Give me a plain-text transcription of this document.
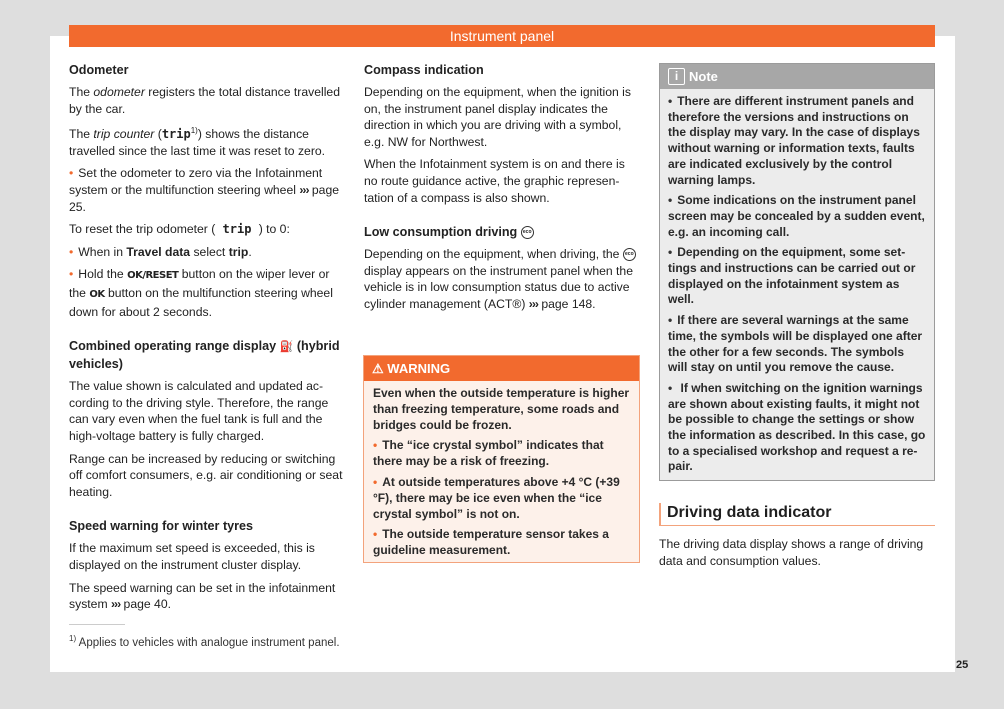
Instrument panel
Odometer

The odometer registers the total distance travelled by the car.

The trip counter (trip$^{1)}$) shows the distance travelled since the last time it was reset to zero.

• Set the odometer to zero via the Infotainment system or the multifunction steering wheel ››› page 25.

To reset the trip odometer ( trip ) to 0:

• When in Travel data select trip.

• Hold the OK/RESET button on the wiper lever or the OK button on the multifunction steering wheel down for about 2 seconds.

Combined operating range display ⛽ (hybrid vehicles)

The value shown is calculated and updated according to the driving style. Therefore, the range can vary even when the fuel tank is full and the high-voltage battery is fully charged.

Range can be increased by reducing or switching off comfort consumers, e.g. air conditioning or seat heating.

Speed warning for winter tyres

If the maximum set speed is exceeded, this is displayed on the instrument cluster display.

The speed warning can be set in the infotainment system ››› page 40.

Compass indication

Depending on the equipment, when the ignition is on, the instrument panel display indicates the direction in which you are driving with a symbol, e.g. NW for Northwest.

When the Infotainment system is on and there is no route guidance active, the graphic representation of a compass is also shown.

Low consumption driving eco

Depending on the equipment, when driving, the eco display appears on the instrument panel when the vehicle is in low consumption status due to active cylinder management (ACT®) ››› page 148.

⚠ WARNING

Even when the outside temperature is higher than freezing temperature, some roads and bridges could be frozen.

• The “ice crystal symbol” indicates that there may be a risk of freezing.

• At outside temperatures above +4 °C (+39 °F), there may be ice even when the “ice crystal symbol” is not on.

• The outside temperature sensor takes a guideline measurement.

i Note

• There are different instrument panels and therefore the versions and instructions on the display may vary. In the case of displays without warning or information texts, faults are indicated exclusively by the control warning lamps.

• Some indications on the instrument panel screen may be concealed by a sudden event, e.g. an incoming call.

• Depending on the equipment, some settings and instructions can be carried out or displayed on the infotainment system as well.

• If there are several warnings at the same time, the symbols will be displayed one after the other for a few seconds. The symbols will stay on until you remove the cause.

• If when switching on the ignition warnings are shown about existing faults, it might not be possible to change the settings or show the information as described. In this case, go to a specialised workshop and request a repair.

Driving data indicator
The driving data display shows a range of driving data and consumption values.
$^{1)}$ Applies to vehicles with analogue instrument panel.
25
